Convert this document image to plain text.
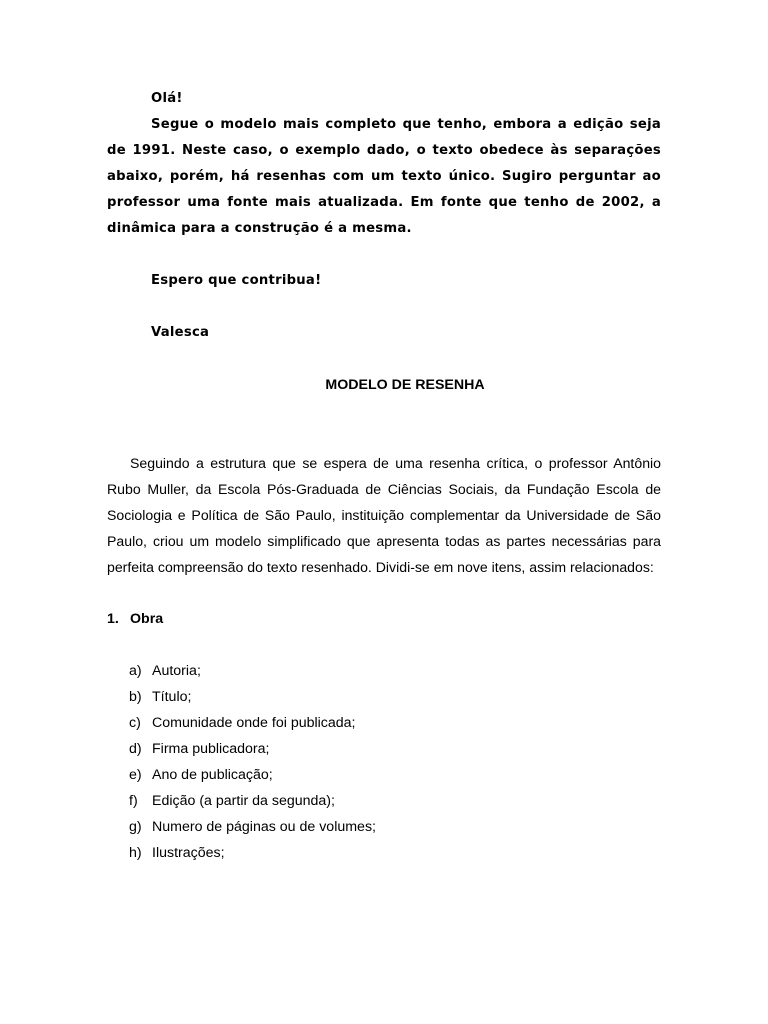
Olá!

Segue o modelo mais completo que tenho, embora a edição seja de 1991. Neste caso, o exemplo dado, o texto obedece às separações abaixo, porém, há resenhas com um texto único. Sugiro perguntar ao professor uma fonte mais atualizada. Em fonte que tenho de 2002, a dinâmica para a construção é a mesma.

Espero que contribua!

Valesca

MODELO DE RESENHA

Seguindo a estrutura que se espera de uma resenha crítica, o professor Antônio Rubo Muller, da Escola Pós-Graduada de Ciências Sociais, da Fundação Escola de Sociologia e Política de São Paulo, instituição complementar da Universidade de São Paulo, criou um modelo simplificado que apresenta todas as partes necessárias para perfeita compreensão do texto resenhado. Dividi-se em nove itens, assim relacionados:

1. Obra
a) Autoria;
b) Título;
c) Comunidade onde foi publicada;
d) Firma publicadora;
e) Ano de publicação;
f)	Edição (a partir da segunda);
g) Numero de páginas ou de volumes;
h) Ilustrações;
